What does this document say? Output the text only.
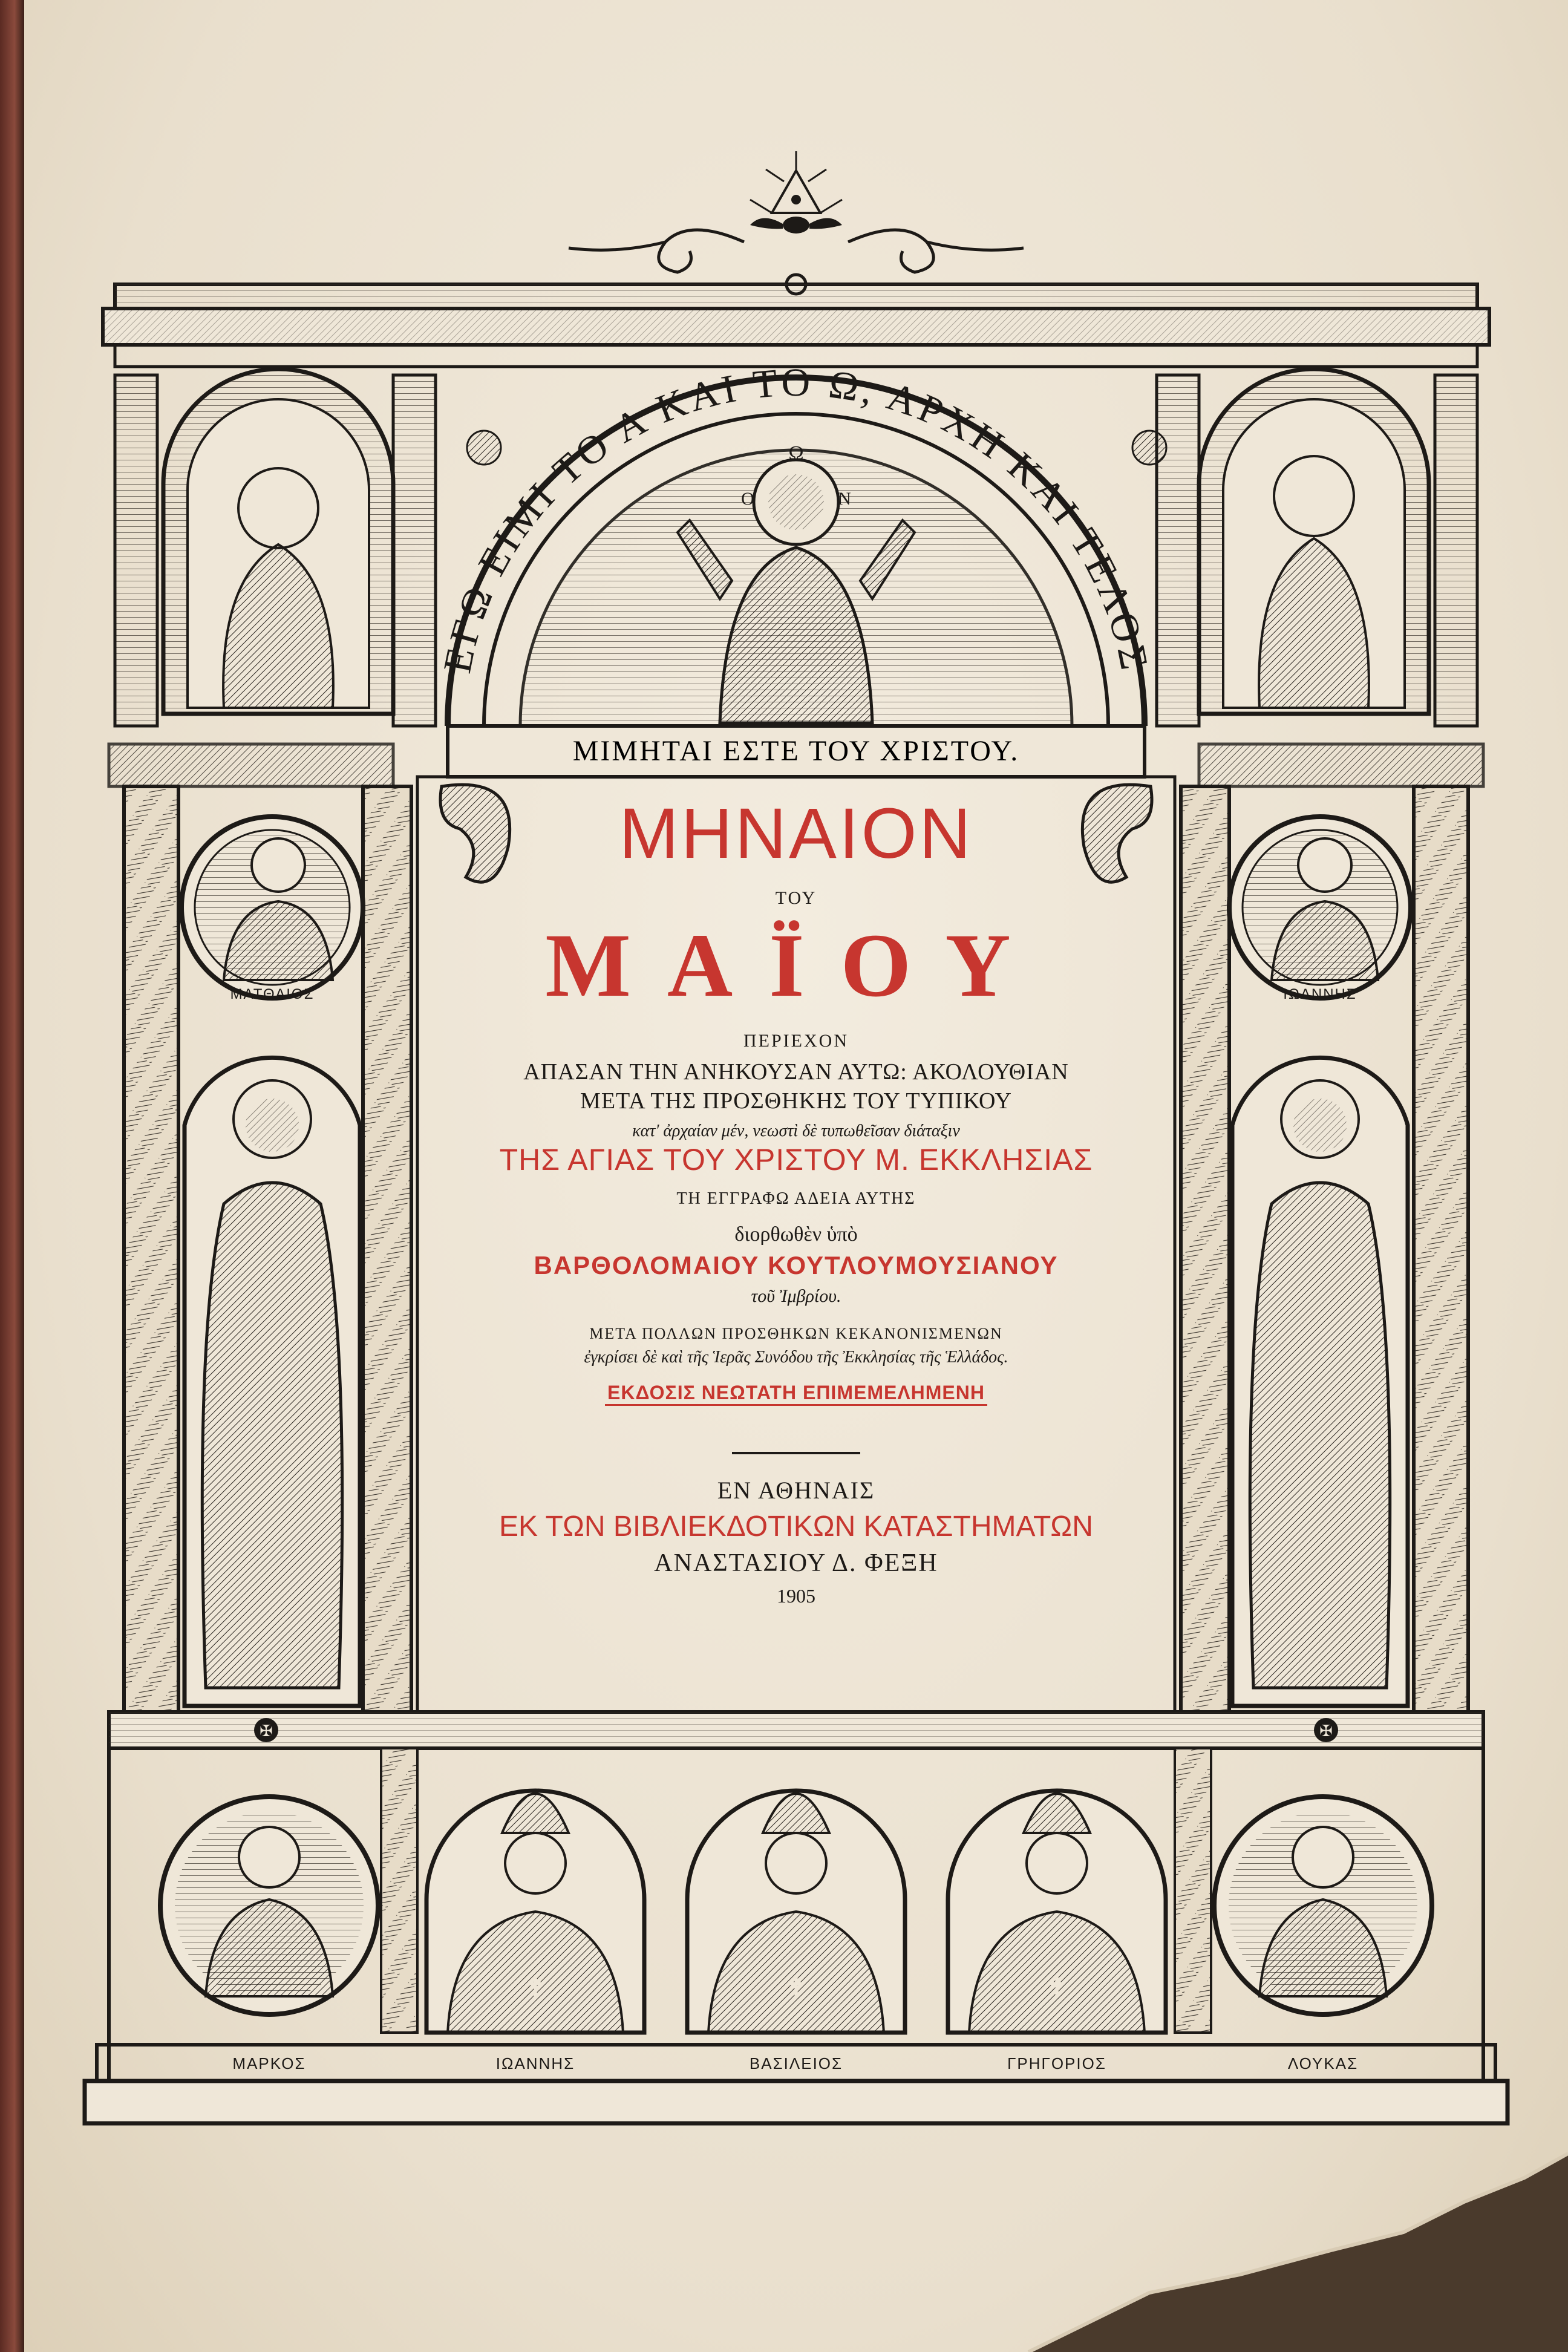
✠	✠
✝	✝	✝
ΕΓΩ ΕΙΜΙ ΤΟ Α ΚΑΙ ΤΟ Ω, ΑΡΧΗ ΚΑΙ ΤΕΛΟΣ
Ω
Ο	Ν
ΜΙΜΗΤΑΙ ΕΣΤΕ ΤΟΥ ΧΡΙΣΤΟΥ.
ΜΑΤΘΑΙΟΣ	ΙΩΑΝΝΗΣ
ΜΗΝΑΙΟΝ
ΤΟΥ
ΜΑΪΟΥ
ΠΕΡΙΕΧΟΝ
ΑΠΑΣΑΝ ΤΗΝ ΑΝΗΚΟΥΣΑΝ ΑΥΤΩ: ΑΚΟΛΟΥΘΙΑΝ
ΜΕΤΑ ΤΗΣ ΠΡΟΣΘΗΚΗΣ ΤΟΥ ΤΥΠΙΚΟΥ
κατ' ἀρχαίαν μέν, νεωστὶ δὲ τυπωθεῖσαν διάταξιν
ΤΗΣ ΑΓΙΑΣ ΤΟΥ ΧΡΙΣΤΟΥ Μ. ΕΚΚΛΗΣΙΑΣ
ΤΗ ΕΓΓΡΑΦΩ ΑΔΕΙΑ ΑΥΤΗΣ
διορθωθὲν ὑπὸ
ΒΑΡΘΟΛΟΜΑΙΟΥ ΚΟΥΤΛΟΥΜΟΥΣΙΑΝΟΥ
τοῦ Ἰμβρίου.
ΜΕΤΑ ΠΟΛΛΩΝ ΠΡΟΣΘΗΚΩΝ ΚΕΚΑΝΟΝΙΣΜΕΝΩΝ
ἐγκρίσει δὲ καὶ τῆς Ἱερᾶς Συνόδου τῆς Ἐκκλησίας τῆς Ἑλλάδος.
ΕΚΔΟΣΙΣ ΝΕΩΤΑΤΗ ΕΠΙΜΕΜΕΛΗΜΕΝΗ
ΕΝ ΑΘΗΝΑΙΣ
ΕΚ ΤΩΝ ΒΙΒΛΙΕΚΔΟΤΙΚΩΝ ΚΑΤΑΣΤΗΜΑΤΩΝ
ΑΝΑΣΤΑΣΙΟΥ Δ. ΦΕΞΗ
1905
ΜΑΡΚΟΣ	ΙΩΑΝΝΗΣ	ΒΑΣΙΛΕΙΟΣ	ΓΡΗΓΟΡΙΟΣ	ΛΟΥΚΑΣ
